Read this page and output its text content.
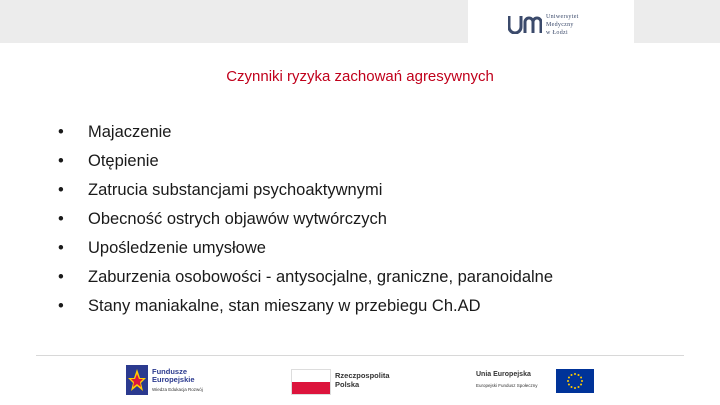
Uniwersytet
Medyczny
w Łodzi
Czynniki ryzyka zachowań agresywnych
• Majaczenie
• Otępienie
• Zatrucia substancjami psychoaktywnymi
• Obecność ostrych objawów wytwórczych
• Upośledzenie umysłowe
• Zaburzenia osobowości - antysocjalne, graniczne, paranoidalne
• Stany maniakalne, stan mieszany w przebiegu Ch.AD
Fundusze
Europejskie
Wiedza Edukacja Rozwój
Rzeczpospolita
Polska
Unia Europejska
Europejski Fundusz Społeczny
